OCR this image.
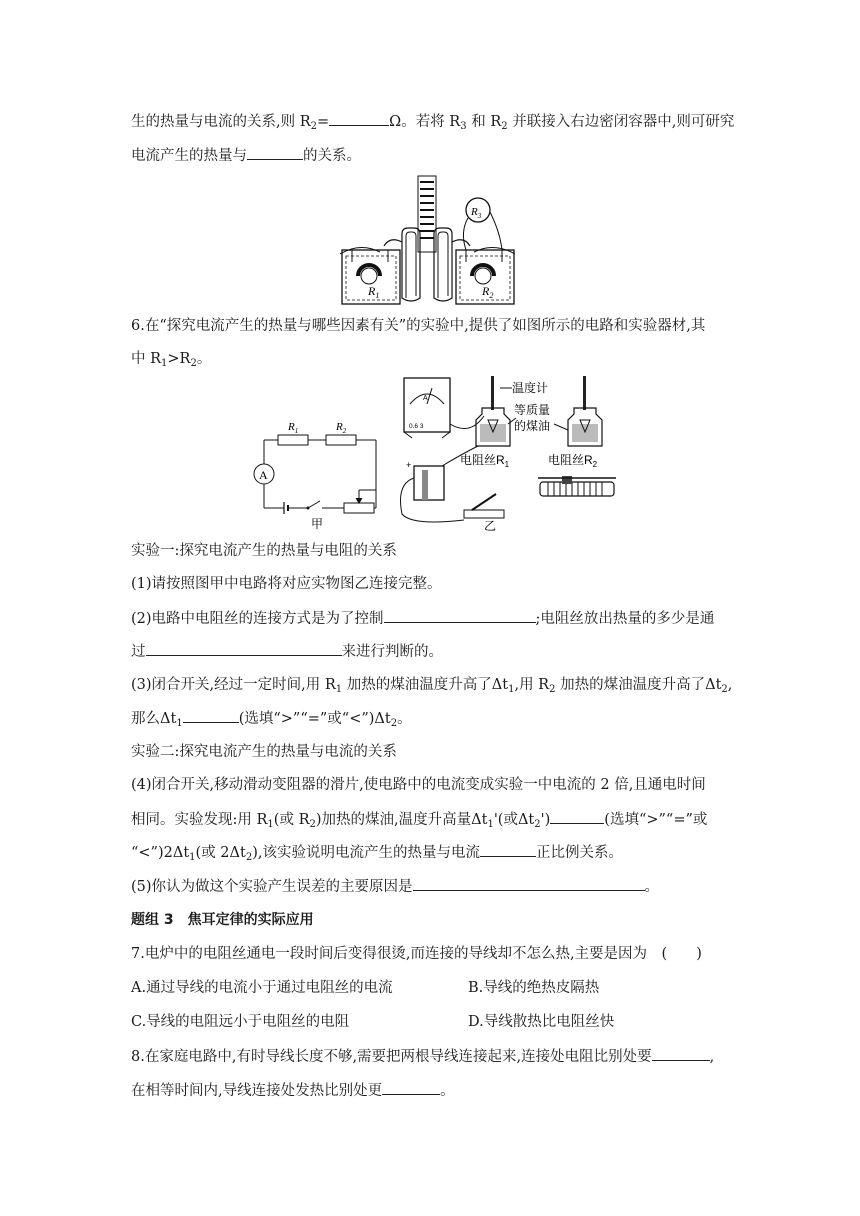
生的热量与电流的关系,则 $R_2=$	Ω。若将 $R_3$ 和 $R_2$ 并联接入右边密闭容器中,则可研究
电流产生的热量与	的关系。
$R_1$	$R_2$
$R_3$
6.在“探究电流产生的热量与哪些因素有关”的实验中,提供了如图所示的电路和实验器材,其
中 $R_1>R_2$。
A
$R_1$	$R_2$
甲
A
0.6 3
温度计
等质量
的煤油
电阻丝$R_1$	电阻丝$R_2$
+
乙
实验一:探究电流产生的热量与电阻的关系
(1)请按照图甲中电路将对应实物图乙连接完整。
(2)电路中电阻丝的连接方式是为了控制	;电阻丝放出热量的多少是通
过	来进行判断的。
(3)闭合开关,经过一定时间,用 $R_1$ 加热的煤油温度升高了$\Delta t_1$,用 $R_2$ 加热的煤油温度升高了$\Delta t_2$,
那么$\Delta t_1$	(选填“>”“=”或“$<”)\Delta t_2$。
实验二:探究电流产生的热量与电流的关系
(4)闭合开关,移动滑动变阻器的滑片,使电路中的电流变成实验一中电流的 2 倍,且通电时间
相同。实验发现:用 $R_1$(或 $R_2$)加热的煤油,温度升高量$\Delta t_1'$(或$\Delta t_2'$)	(选填“>”“=”或
“$<”)2\Delta t_1$(或 $2\Delta t_2$),该实验说明电流产生的热量与电流	正比例关系。
(5)你认为做这个实验产生误差的主要原因是	。
题组 3　焦耳定律的实际应用
7.电炉中的电阻丝通电一段时间后变得很烫,而连接的导线却不怎么热,主要是因为　(　　)
A.通过导线的电流小于通过电阻丝的电流	B.导线的绝热皮隔热
C.导线的电阻远小于电阻丝的电阻	D.导线散热比电阻丝快
8.在家庭电路中,有时导线长度不够,需要把两根导线连接起来,连接处电阻比别处要	,
在相等时间内,导线连接处发热比别处更	。
